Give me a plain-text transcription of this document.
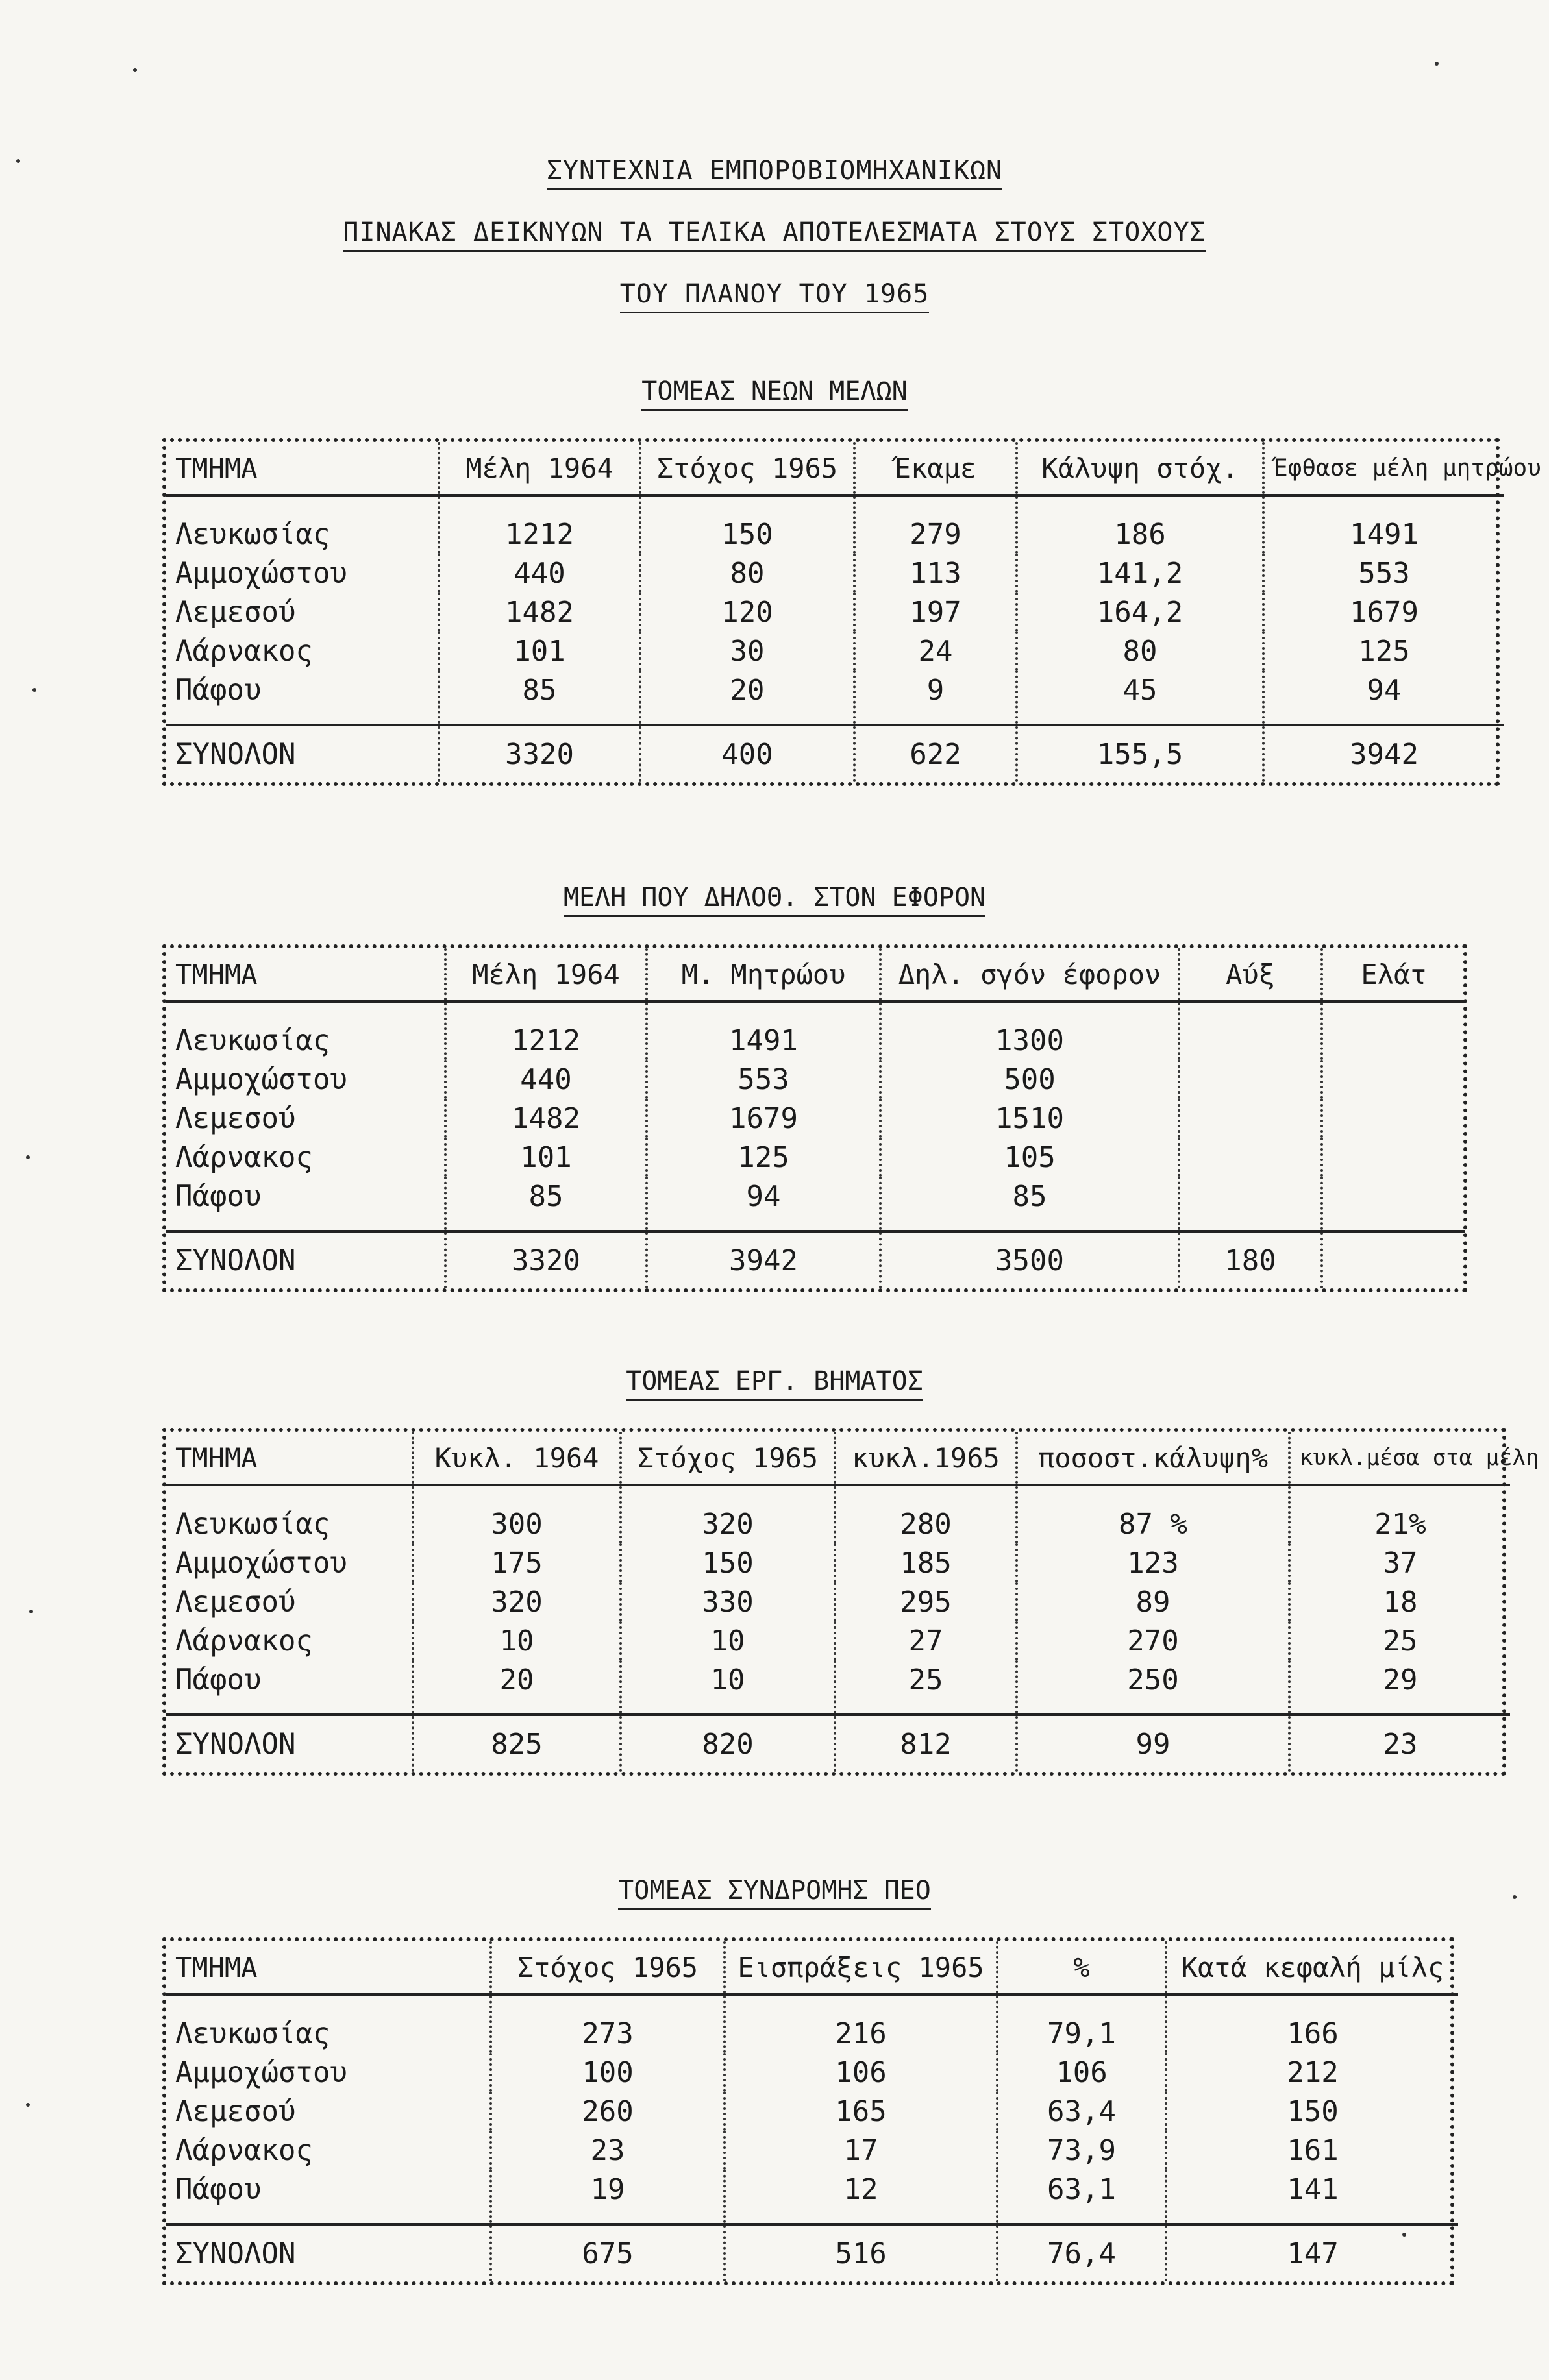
ΣΥΝΤΕΧΝΙΑ ΕΜΠΟΡΟΒΙΟΜΗΧΑΝΙΚΩΝ
ΠΙΝΑΚΑΣ ΔΕΙΚΝΥΩΝ ΤΑ ΤΕΛΙΚΑ ΑΠΟΤΕΛΕΣΜΑΤΑ ΣΤΟΥΣ ΣΤΟΧΟΥΣ
ΤΟΥ ΠΛΑΝΟΥ ΤΟΥ 1965
ΤΟΜΕΑΣ ΝΕΩΝ ΜΕΛΩΝ
ΤΜΗΜΑ	Μέλη 1964	Στόχος 1965	Έκαμε	Κάλυψη στόχ.	Έφθασε μέλη μητρώου
Λευκωσίας	1212	150	279	186	1491
Αμμοχώστου	440	80	113	141,2	553
Λεμεσού	1482	120	197	164,2	1679
Λάρνακος	101	30	24	80	125
Πάφου	85	20	9	45	94
ΣΥΝΟΛΟΝ	3320	400	622	155,5	3942
ΜΕΛΗ ΠΟΥ ΔΗΛΟΘ. ΣΤΟΝ ΕΦΟΡΟΝ
ΤΜΗΜΑ	Μέλη 1964	Μ. Μητρώου	Δηλ. σγόν έφορον	Αύξ	Ελάτ
Λευκωσίας	1212	1491	1300		
Αμμοχώστου	440	553	500		
Λεμεσού	1482	1679	1510		
Λάρνακος	101	125	105		
Πάφου	85	94	85		
ΣΥΝΟΛΟΝ	3320	3942	3500	180	
ΤΟΜΕΑΣ ΕΡΓ. ΒΗΜΑΤΟΣ
ΤΜΗΜΑ	Κυκλ. 1964	Στόχος 1965	κυκλ.1965	ποσοστ.κάλυψη%	κυκλ.μέσα στα μέλη
Λευκωσίας	300	320	280	87 %	21%
Αμμοχώστου	175	150	185	123	37
Λεμεσού	320	330	295	89	18
Λάρνακος	10	10	27	270	25
Πάφου	20	10	25	250	29
ΣΥΝΟΛΟΝ	825	820	812	99	23
ΤΟΜΕΑΣ ΣΥΝΔΡΟΜΗΣ ΠΕΟ
ΤΜΗΜΑ	Στόχος 1965	Εισπράξεις 1965	%	Κατά κεφαλή μίλς
Λευκωσίας	273	216	79,1	166
Αμμοχώστου	100	106	106	212
Λεμεσού	260	165	63,4	150
Λάρνακος	23	17	73,9	161
Πάφου	19	12	63,1	141
ΣΥΝΟΛΟΝ	675	516	76,4	147
